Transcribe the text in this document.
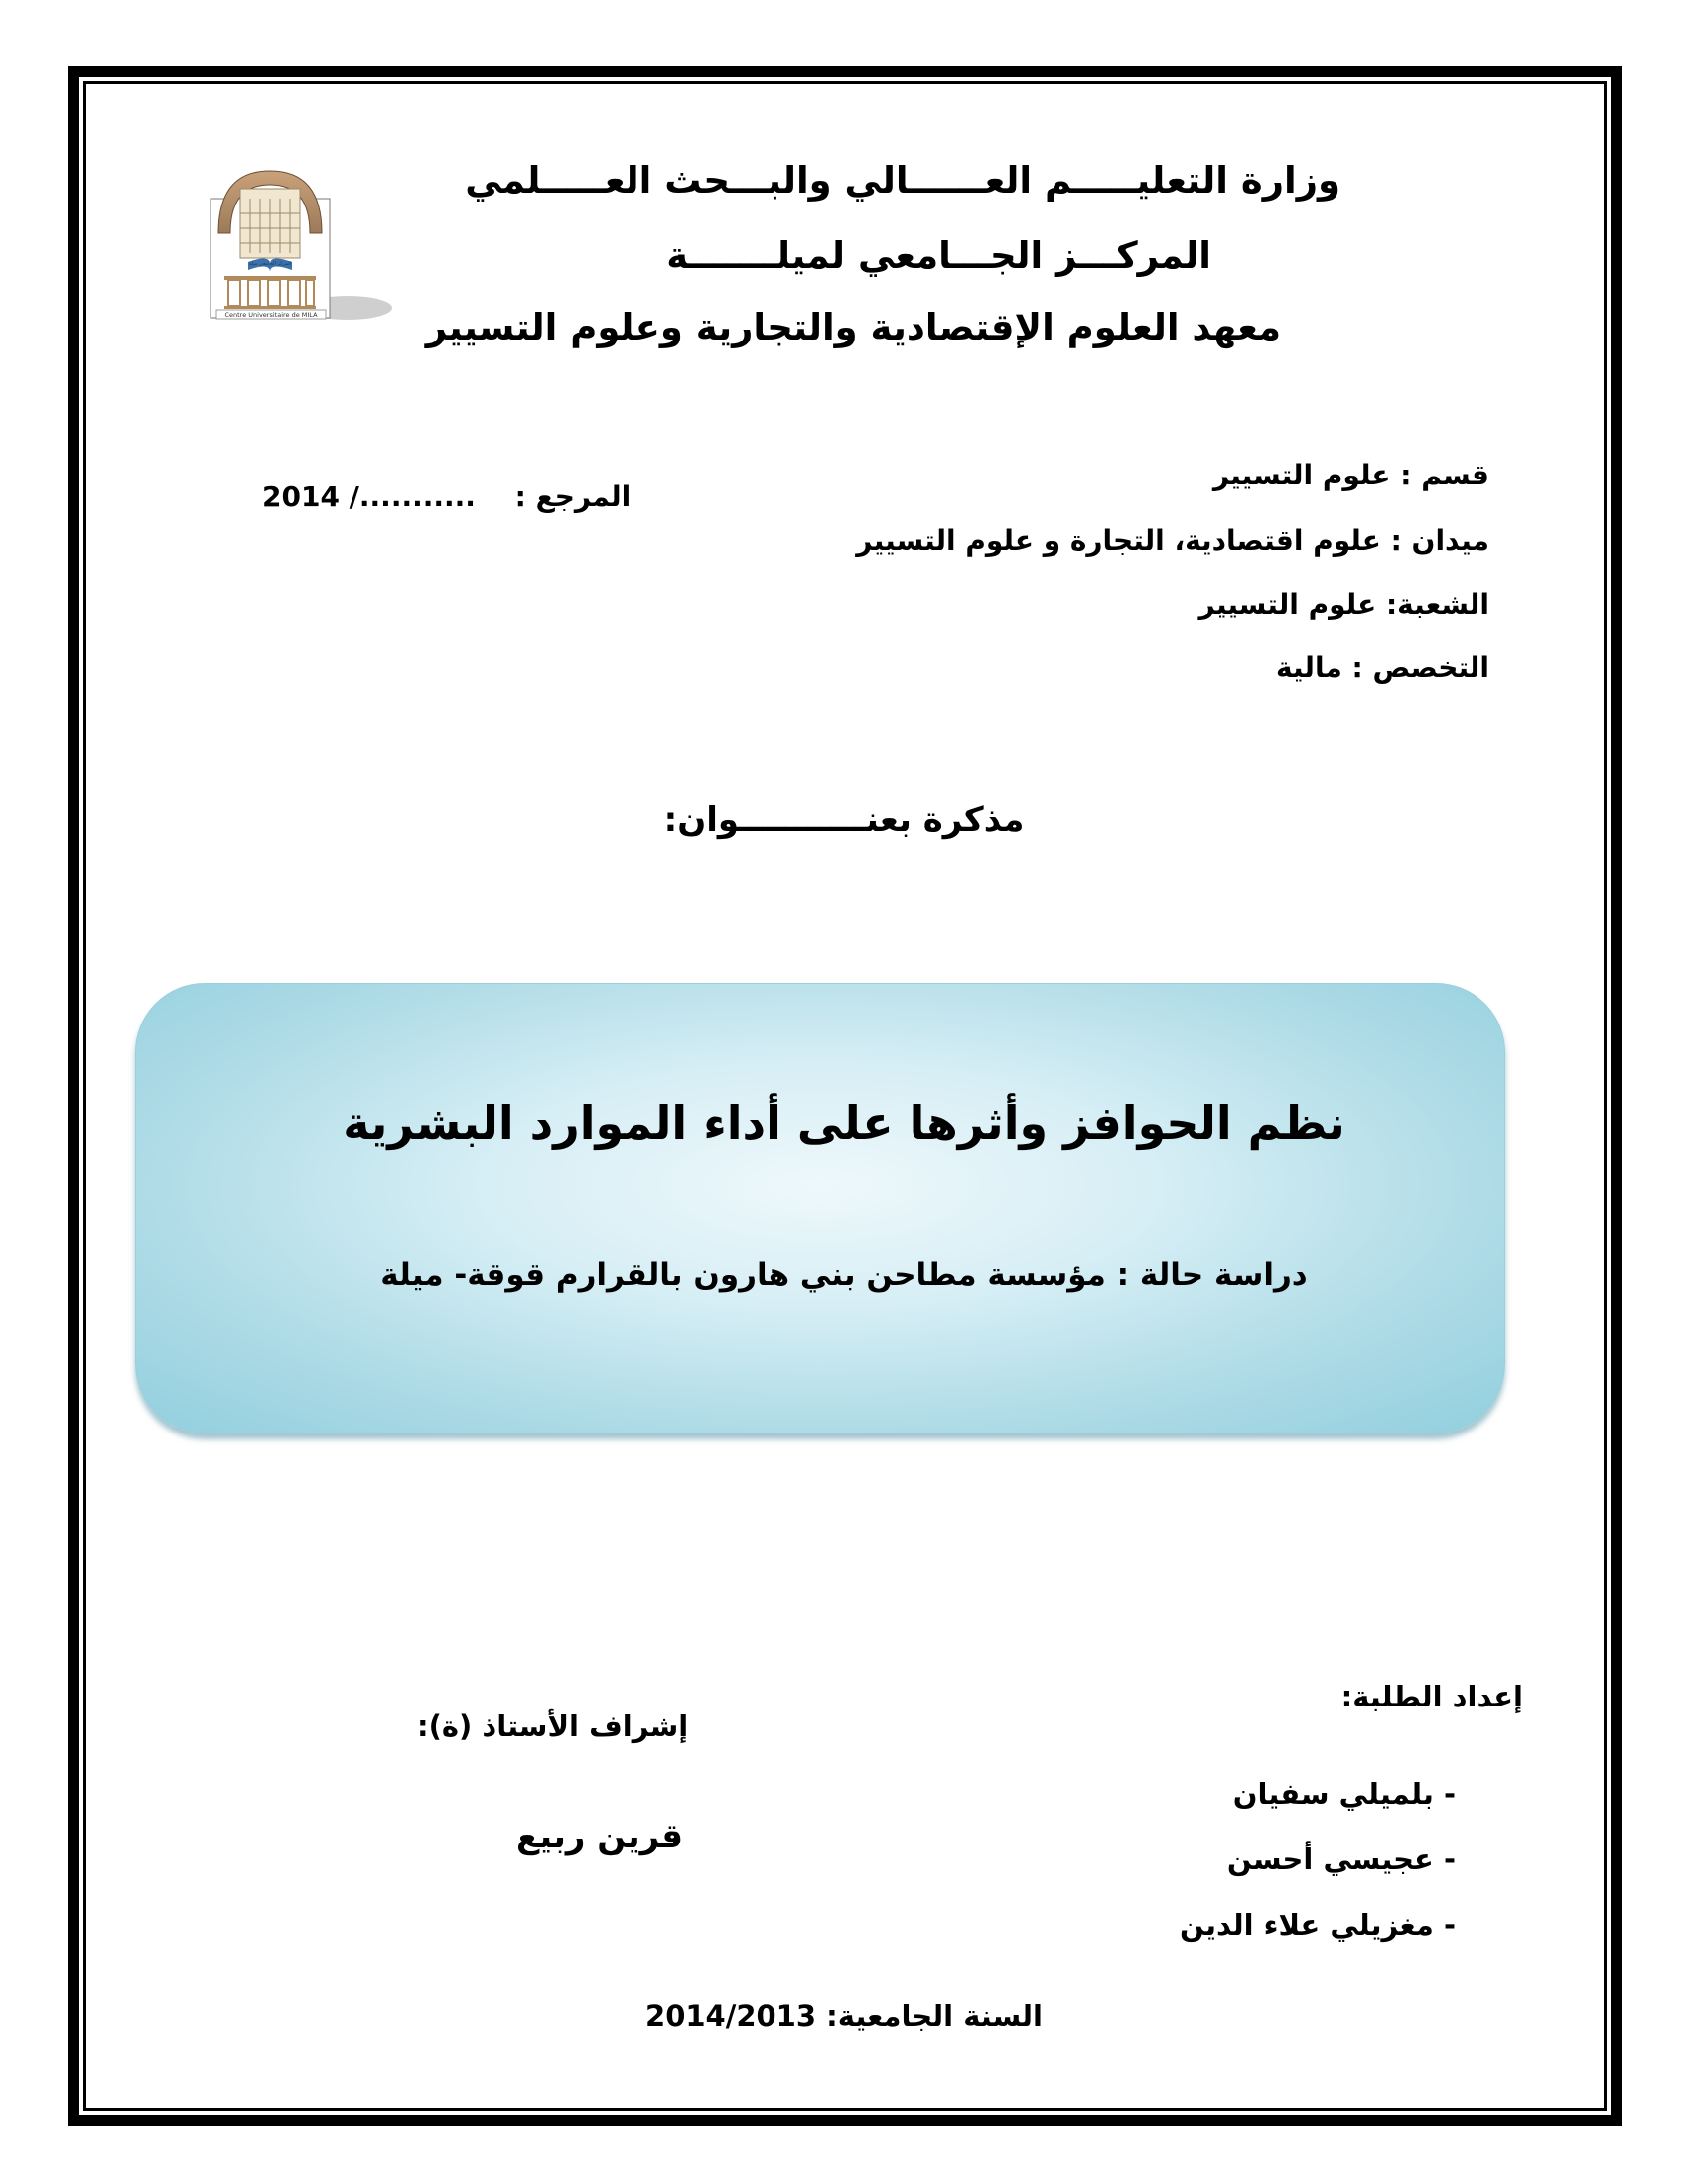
Centre Universitaire de MILA
المركز الجامعي ميلة
وزارة التعليـــــم العــــــالي والبـــحث العـــــلمي
المركـــز الجـــامعي لميلـــــــة
معهد العلوم الإقتصادية والتجارية وعلوم التسيير
قسم : علوم التسيير
ميدان : علوم اقتصادية، التجارة و علوم التسيير
الشعبة: علوم التسيير
التخصص : مالية
2014 /........... المرجع :
مذكرة بعنـــــــــــوان:
نظم الحوافز وأثرها على أداء الموارد البشرية
دراسة حالة : مؤسسة مطاحن بني هارون بالقرارم قوقة- ميلة
إعداد الطلبة:
إشراف الأستاذ (ة):
قرين ربيع
- بلميلي سفيان
- عجيسي أحسن
- مغزيلي علاء الدين
السنة الجامعية: 2014/2013
